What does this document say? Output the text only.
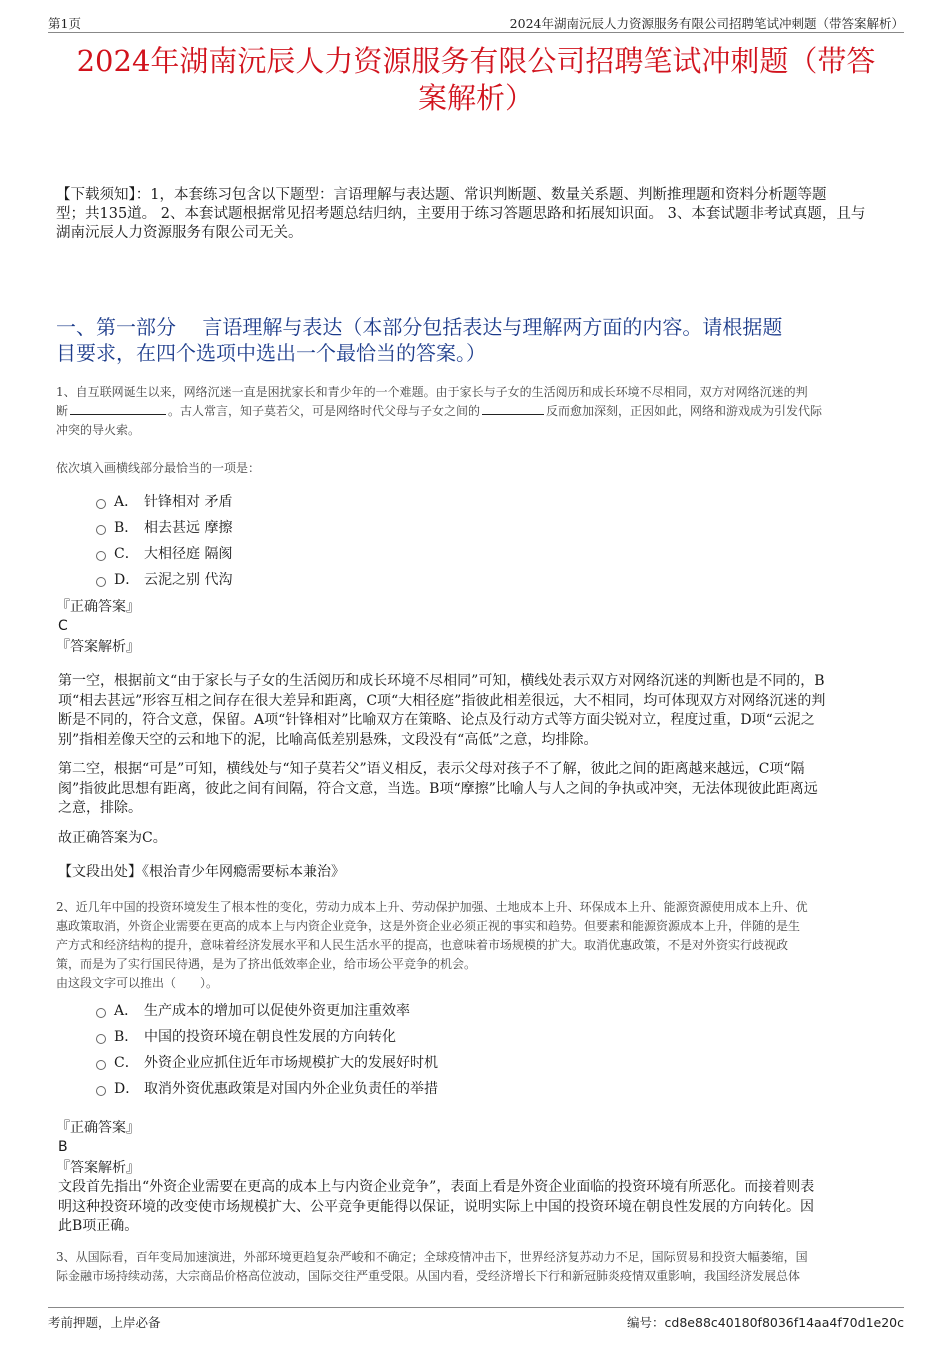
第1页	2024年湖南沅辰人力资源服务有限公司招聘笔试冲刺题（带答案解析）
2024年湖南沅辰人力资源服务有限公司招聘笔试冲刺题（带答
案解析）
【下载须知】：1，本套练习包含以下题型：言语理解与表达题、常识判断题、数量关系题、判断推理题和资料分析题等题
型；共135道。 2、本套试题根据常见招考题总结归纳，主要用于练习答题思路和拓展知识面。 3、本套试题非考试真题，且与
湖南沅辰人力资源服务有限公司无关。
一、第一部分　 言语理解与表达（本部分包括表达与理解两方面的内容。请根据题
目要求，在四个选项中选出一个最恰当的答案。）
1、自互联网诞生以来，网络沉迷一直是困扰家长和青少年的一个难题。由于家长与子女的生活阅历和成长环境不尽相同，双方对网络沉迷的判
断	。古人常言，知子莫若父，可是网络时代父母与子女之间的	反而愈加深刻，正因如此，网络和游戏成为引发代际
冲突的导火索。
依次填入画横线部分最恰当的一项是：
A． 针锋相对 矛盾
B． 相去甚远 摩擦
C． 大相径庭 隔阂
D． 云泥之别 代沟
『正确答案』
C
『答案解析』
第一空，根据前文“由于家长与子女的生活阅历和成长环境不尽相同”可知，横线处表示双方对网络沉迷的判断也是不同的，B
项“相去甚远”形容互相之间存在很大差异和距离，C项“大相径庭”指彼此相差很远，大不相同，均可体现双方对网络沉迷的判
断是不同的，符合文意，保留。A项“针锋相对”比喻双方在策略、论点及行动方式等方面尖锐对立，程度过重，D项“云泥之
别”指相差像天空的云和地下的泥，比喻高低差别悬殊，文段没有“高低”之意，均排除。
第二空，根据“可是”可知，横线处与“知子莫若父”语义相反，表示父母对孩子不了解，彼此之间的距离越来越远，C项“隔
阂”指彼此思想有距离，彼此之间有间隔，符合文意，当选。B项“摩擦”比喻人与人之间的争执或冲突，无法体现彼此距离远
之意，排除。
故正确答案为C。
【文段出处】《根治青少年网瘾需要标本兼治》
2、近几年中国的投资环境发生了根本性的变化，劳动力成本上升、劳动保护加强、土地成本上升、环保成本上升、能源资源使用成本上升、优
惠政策取消，外资企业需要在更高的成本上与内资企业竞争，这是外资企业必须正视的事实和趋势。但要素和能源资源成本上升，伴随的是生
产方式和经济结构的提升，意味着经济发展水平和人民生活水平的提高，也意味着市场规模的扩大。取消优惠政策，不是对外资实行歧视政
策，而是为了实行国民待遇，是为了挤出低效率企业，给市场公平竞争的机会。
由这段文字可以推出（　　）。
A． 生产成本的增加可以促使外资更加注重效率
B． 中国的投资环境在朝良性发展的方向转化
C． 外资企业应抓住近年市场规模扩大的发展好时机
D． 取消外资优惠政策是对国内外企业负责任的举措
『正确答案』
B
『答案解析』
文段首先指出“外资企业需要在更高的成本上与内资企业竞争”，表面上看是外资企业面临的投资环境有所恶化。而接着则表
明这种投资环境的改变使市场规模扩大、公平竞争更能得以保证，说明实际上中国的投资环境在朝良性发展的方向转化。因
此B项正确。
3、从国际看，百年变局加速演进，外部环境更趋复杂严峻和不确定；全球疫情冲击下，世界经济复苏动力不足，国际贸易和投资大幅萎缩，国
际金融市场持续动荡，大宗商品价格高位波动，国际交往严重受限。从国内看，受经济增长下行和新冠肺炎疫情双重影响，我国经济发展总体
考前押题，上岸必备	编号：cd8e88c40180f8036f14aa4f70d1e20c
